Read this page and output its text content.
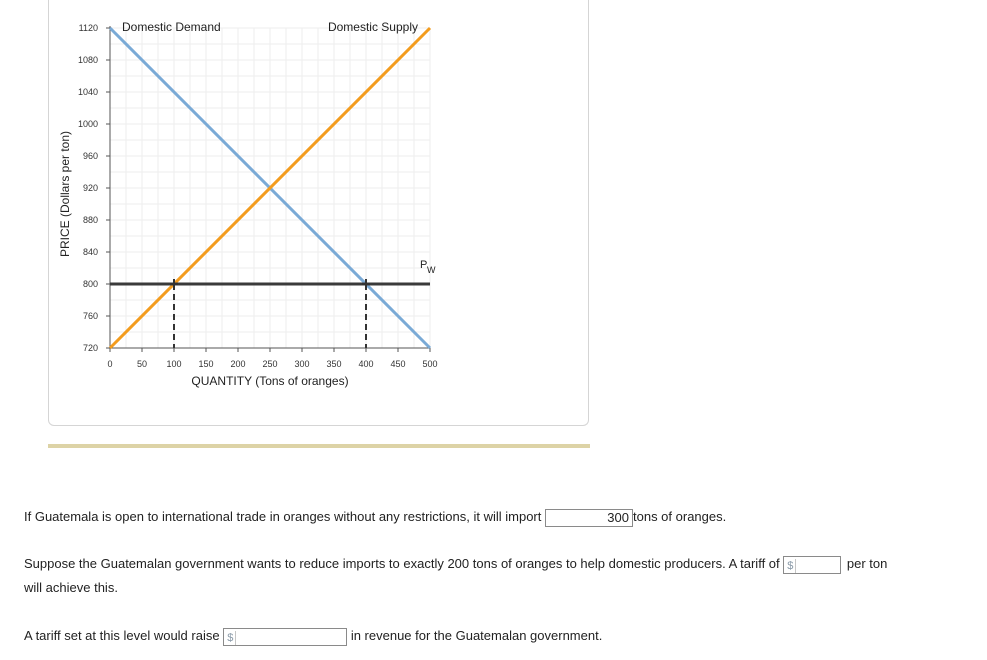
720
760
800
840
880
920
960
1000
1040
1080
1120
0	50 100 150 200 250 300 350 400 450 500
Domestic Demand	Domestic Supply
P W
QUANTITY (Tons of oranges)
PRICE (Dollars per ton)
If Guatemala is open to international trade in oranges without any restrictions, it will import	300 tons of oranges.
Suppose the Guatemalan government wants to reduce imports to exactly 200 tons of oranges to help domestic producers. A tariff of $	per ton
will achieve this.
A tariff set at this level would raise $	in revenue for the Guatemalan government.
